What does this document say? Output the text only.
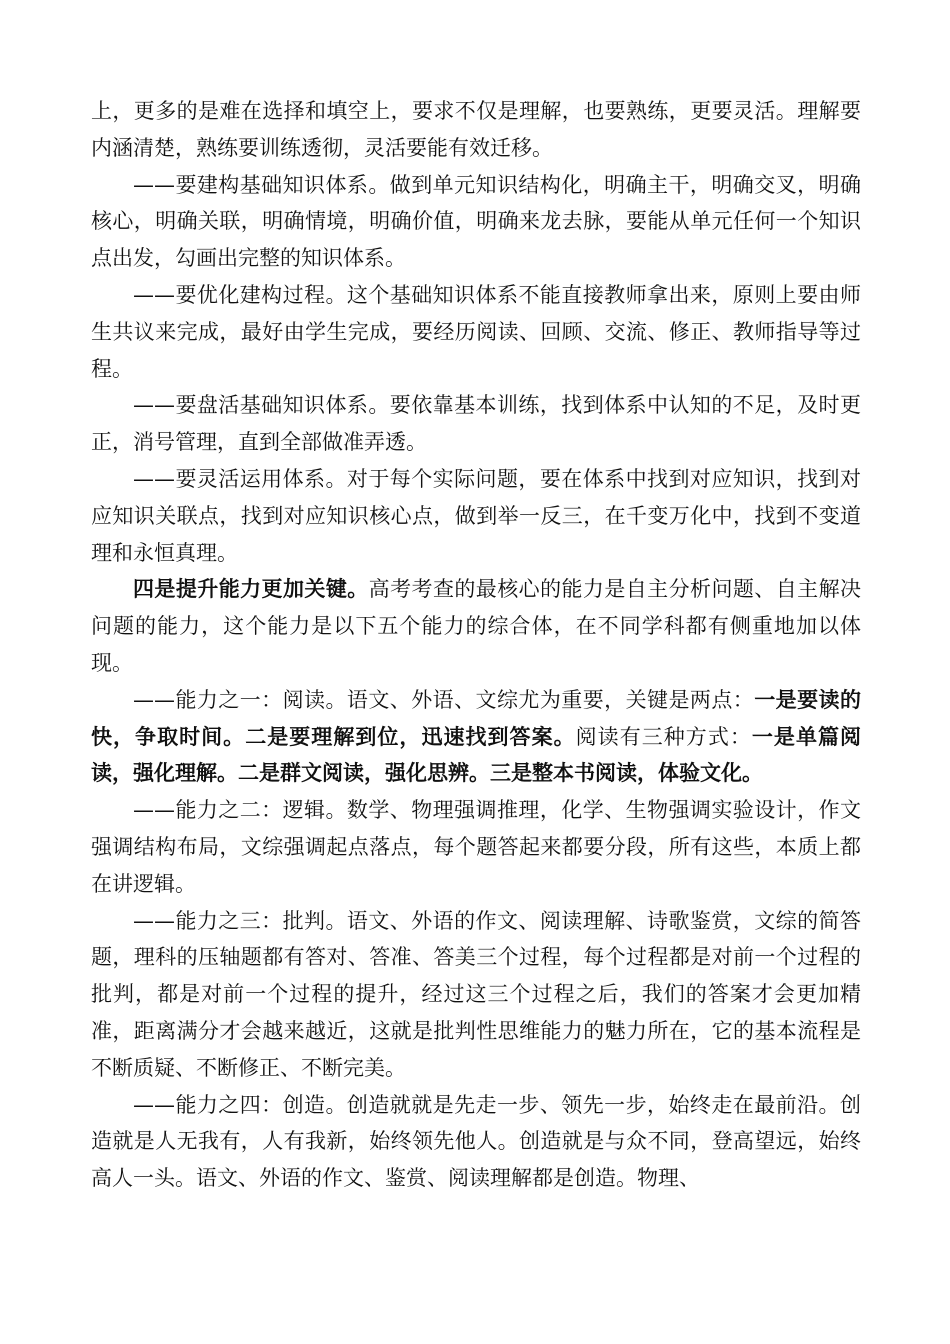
上，更多的是难在选择和填空上，要求不仅是理解，也要熟练，更要灵活。理解要内涵清楚，熟练要训练透彻，灵活要能有效迁移。

——要建构基础知识体系。做到单元知识结构化，明确主干，明确交叉，明确核心，明确关联，明确情境，明确价值，明确来龙去脉，要能从单元任何一个知识点出发，勾画出完整的知识体系。

——要优化建构过程。这个基础知识体系不能直接教师拿出来，原则上要由师生共议来完成，最好由学生完成，要经历阅读、回顾、交流、修正、教师指导等过程。

——要盘活基础知识体系。要依靠基本训练，找到体系中认知的不足，及时更正，消号管理，直到全部做准弄透。

——要灵活运用体系。对于每个实际问题，要在体系中找到对应知识，找到对应知识关联点，找到对应知识核心点，做到举一反三，在千变万化中，找到不变道理和永恒真理。

四是提升能力更加关键。高考考查的最核心的能力是自主分析问题、自主解决问题的能力，这个能力是以下五个能力的综合体，在不同学科都有侧重地加以体现。

——能力之一：阅读。语文、外语、文综尤为重要，关键是两点：一是要读的快，争取时间。二是要理解到位，迅速找到答案。阅读有三种方式：一是单篇阅读，强化理解。二是群文阅读，强化思辨。三是整本书阅读，体验文化。

——能力之二：逻辑。数学、物理强调推理，化学、生物强调实验设计，作文强调结构布局，文综强调起点落点，每个题答起来都要分段，所有这些，本质上都在讲逻辑。

——能力之三：批判。语文、外语的作文、阅读理解、诗歌鉴赏，文综的简答题，理科的压轴题都有答对、答准、答美三个过程，每个过程都是对前一个过程的批判，都是对前一个过程的提升，经过这三个过程之后，我们的答案才会更加精准，距离满分才会越来越近，这就是批判性思维能力的魅力所在，它的基本流程是不断质疑、不断修正、不断完美。

——能力之四：创造。创造就就是先走一步、领先一步，始终走在最前沿。创造就是人无我有，人有我新，始终领先他人。创造就是与众不同，登高望远，始终高人一头。语文、外语的作文、鉴赏、阅读理解都是创造。物理、
